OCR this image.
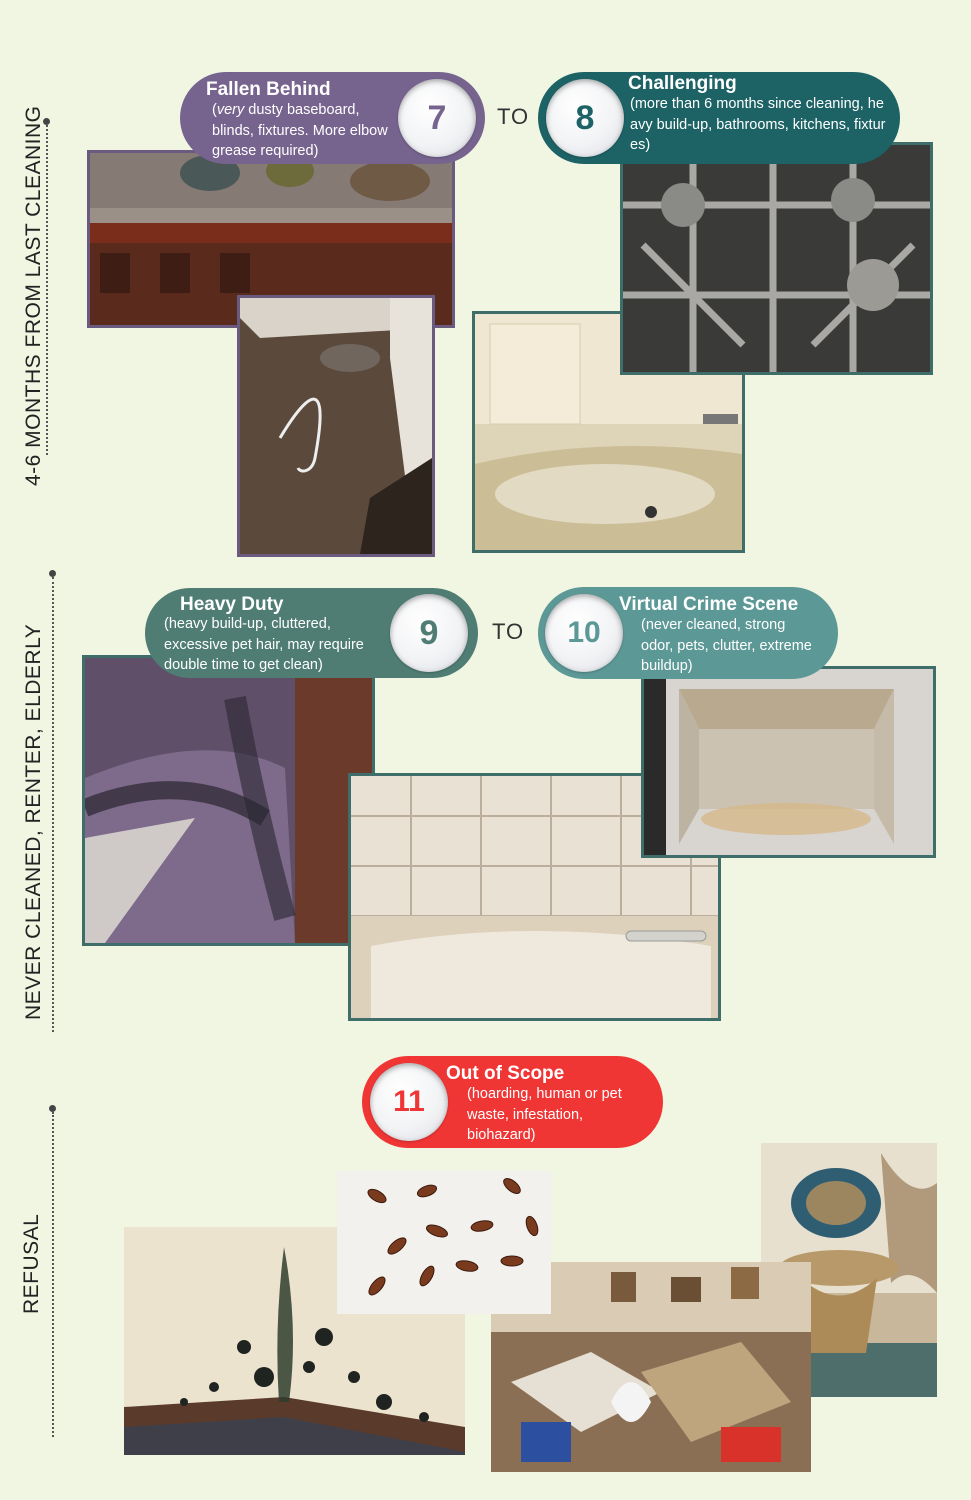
4-6 MONTHS FROM LAST CLEANING
NEVER CLEANED, RENTER, ELDERLY
REFUSAL
Fallen Behind
(very dusty baseboard, blinds, fixtures. More elbow grease required)
7 TO 8
Challenging
(more than 6 months since cleaning, heavy build-up, bathrooms, kitchens, fixtures)
Heavy Duty
(heavy build-up, cluttered, excessive pet hair, may require double time to get clean)
9 TO 10
Virtual Crime Scene
(never cleaned, strong odor, pets, clutter, extreme buildup)
11
Out of Scope
(hoarding, human or pet waste, infestation, biohazard)
